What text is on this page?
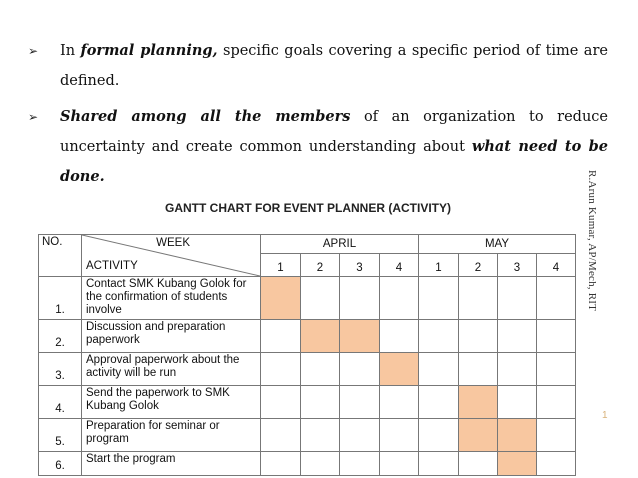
➢ In formal planning, specific goals covering a specific period of time are defined.
➢ Shared among all the members of an organization to reduce uncertainty and create common understanding about what need to be done.	R.Arun Kumar, AP/Mech, RIT
1
GANTT CHART FOR EVENT PLANNER (ACTIVITY)
NO.	WEEK
ACTIVITY	APRIL				MAY			
		1	2	3	4	1	2	3	4
1.	Contact SMK Kubang Golok for the confirmation of students involve								
2.	Discussion and preparation paperwork								
3.	Approval paperwork about the activity will be run								
4.	Send the paperwork to SMK Kubang Golok								
5.	Preparation for seminar or program								
6.	Start the program								
